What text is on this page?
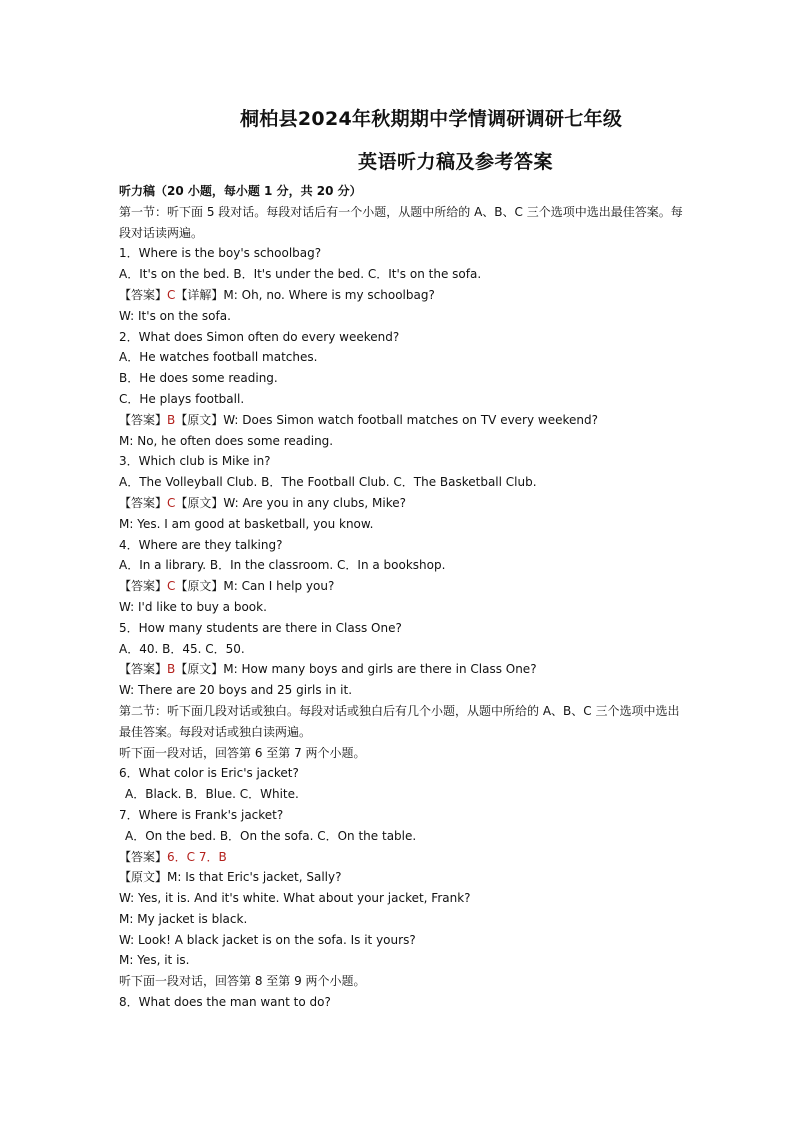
桐柏县2024年秋期期中学情调研调研七年级
英语听力稿及参考答案
听力稿（20 小题，每小题 1 分，共 20 分）
第一节：听下面 5 段对话。每段对话后有一个小题，从题中所给的 A、B、C 三个选项中选出最佳答案。每段对话读两遍。
1．Where is the boy's schoolbag?
A．It's on the bed. B．It's under the bed. C．It's on the sofa.
【答案】C【详解】M: Oh, no. Where is my schoolbag?
W: It's on the sofa.
2．What does Simon often do every weekend?
A．He watches football matches.
B．He does some reading.
C．He plays football.
【答案】B【原文】W: Does Simon watch football matches on TV every weekend?
M: No, he often does some reading.
3．Which club is Mike in?
A．The Volleyball Club. B．The Football Club. C．The Basketball Club.
【答案】C【原文】W: Are you in any clubs, Mike?
M: Yes. I am good at basketball, you know.
4．Where are they talking?
A．In a library. B．In the classroom. C．In a bookshop.
【答案】C【原文】M: Can I help you?
W: I'd like to buy a book.
5．How many students are there in Class One?
A．40. B．45. C．50.
【答案】B【原文】M: How many boys and girls are there in Class One?
W: There are 20 boys and 25 girls in it.
第二节：听下面几段对话或独白。每段对话或独白后有几个小题，从题中所给的 A、B、C 三个选项中选出最佳答案。每段对话或独白读两遍。
听下面一段对话，回答第 6 至第 7 两个小题。
6．What color is Eric's jacket?
A．Black. B．Blue. C．White.
7．Where is Frank's jacket?
A．On the bed. B．On the sofa. C．On the table.
【答案】6．C 7．B
【原文】M: Is that Eric's jacket, Sally?
W: Yes, it is. And it's white. What about your jacket, Frank?
M: My jacket is black.
W: Look! A black jacket is on the sofa. Is it yours?
M: Yes, it is.
听下面一段对话，回答第 8 至第 9 两个小题。
8．What does the man want to do?
